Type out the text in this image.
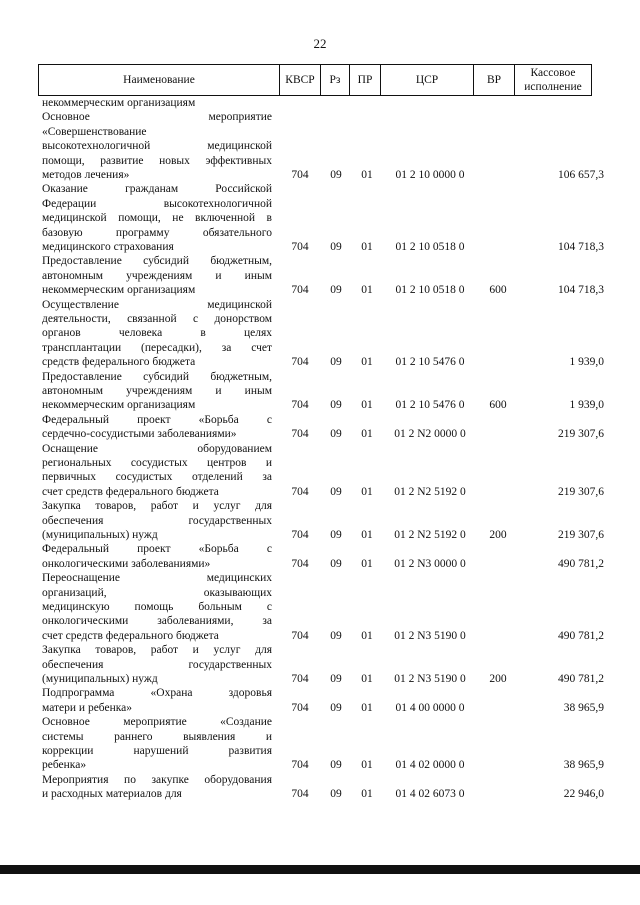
22
Наименование	КВСР	Рз	ПР	ЦСР	ВР	Кассовое исполнение
некоммерческим организациям
Основное мероприятие
«Совершенствование
высокотехнологичной медицинской
помощи, развитие новых эффективных
методов лечения»	704	09	01	01 2 10 0000 0	106 657,3
Оказание гражданам Российской
Федерации высокотехнологичной
медицинской помощи, не включенной в
базовую программу обязательного
медицинского страхования	704	09	01	01 2 10 0518 0	104 718,3
Предоставление субсидий бюджетным,
автономным учреждениям и иным
некоммерческим организациям	704	09	01	01 2 10 0518 0	600	104 718,3
Осуществление медицинской
деятельности, связанной с донорством
органов человека в целях
трансплантации (пересадки), за счет
средств федерального бюджета	704	09	01	01 2 10 5476 0	1 939,0
Предоставление субсидий бюджетным,
автономным учреждениям и иным
некоммерческим организациям	704	09	01	01 2 10 5476 0	600	1 939,0
Федеральный проект «Борьба с
сердечно-сосудистыми заболеваниями»	704	09	01	01 2 N2 0000 0	219 307,6
Оснащение оборудованием
региональных сосудистых центров и
первичных сосудистых отделений за
счет средств федерального бюджета	704	09	01	01 2 N2 5192 0	219 307,6
Закупка товаров, работ и услуг для
обеспечения государственных
(муниципальных) нужд	704	09	01	01 2 N2 5192 0	200	219 307,6
Федеральный проект «Борьба с
онкологическими заболеваниями»	704	09	01	01 2 N3 0000 0	490 781,2
Переоснащение медицинских
организаций, оказывающих
медицинскую помощь больным с
онкологическими заболеваниями, за
счет средств федерального бюджета	704	09	01	01 2 N3 5190 0	490 781,2
Закупка товаров, работ и услуг для
обеспечения государственных
(муниципальных) нужд	704	09	01	01 2 N3 5190 0	200	490 781,2
Подпрограмма «Охрана здоровья
матери и ребенка»	704	09	01	01 4 00 0000 0	38 965,9
Основное мероприятие «Создание
системы раннего выявления и
коррекции нарушений развития
ребенка»	704	09	01	01 4 02 0000 0	38 965,9
Мероприятия по закупке оборудования
и расходных материалов для	704	09	01	01 4 02 6073 0	22 946,0
